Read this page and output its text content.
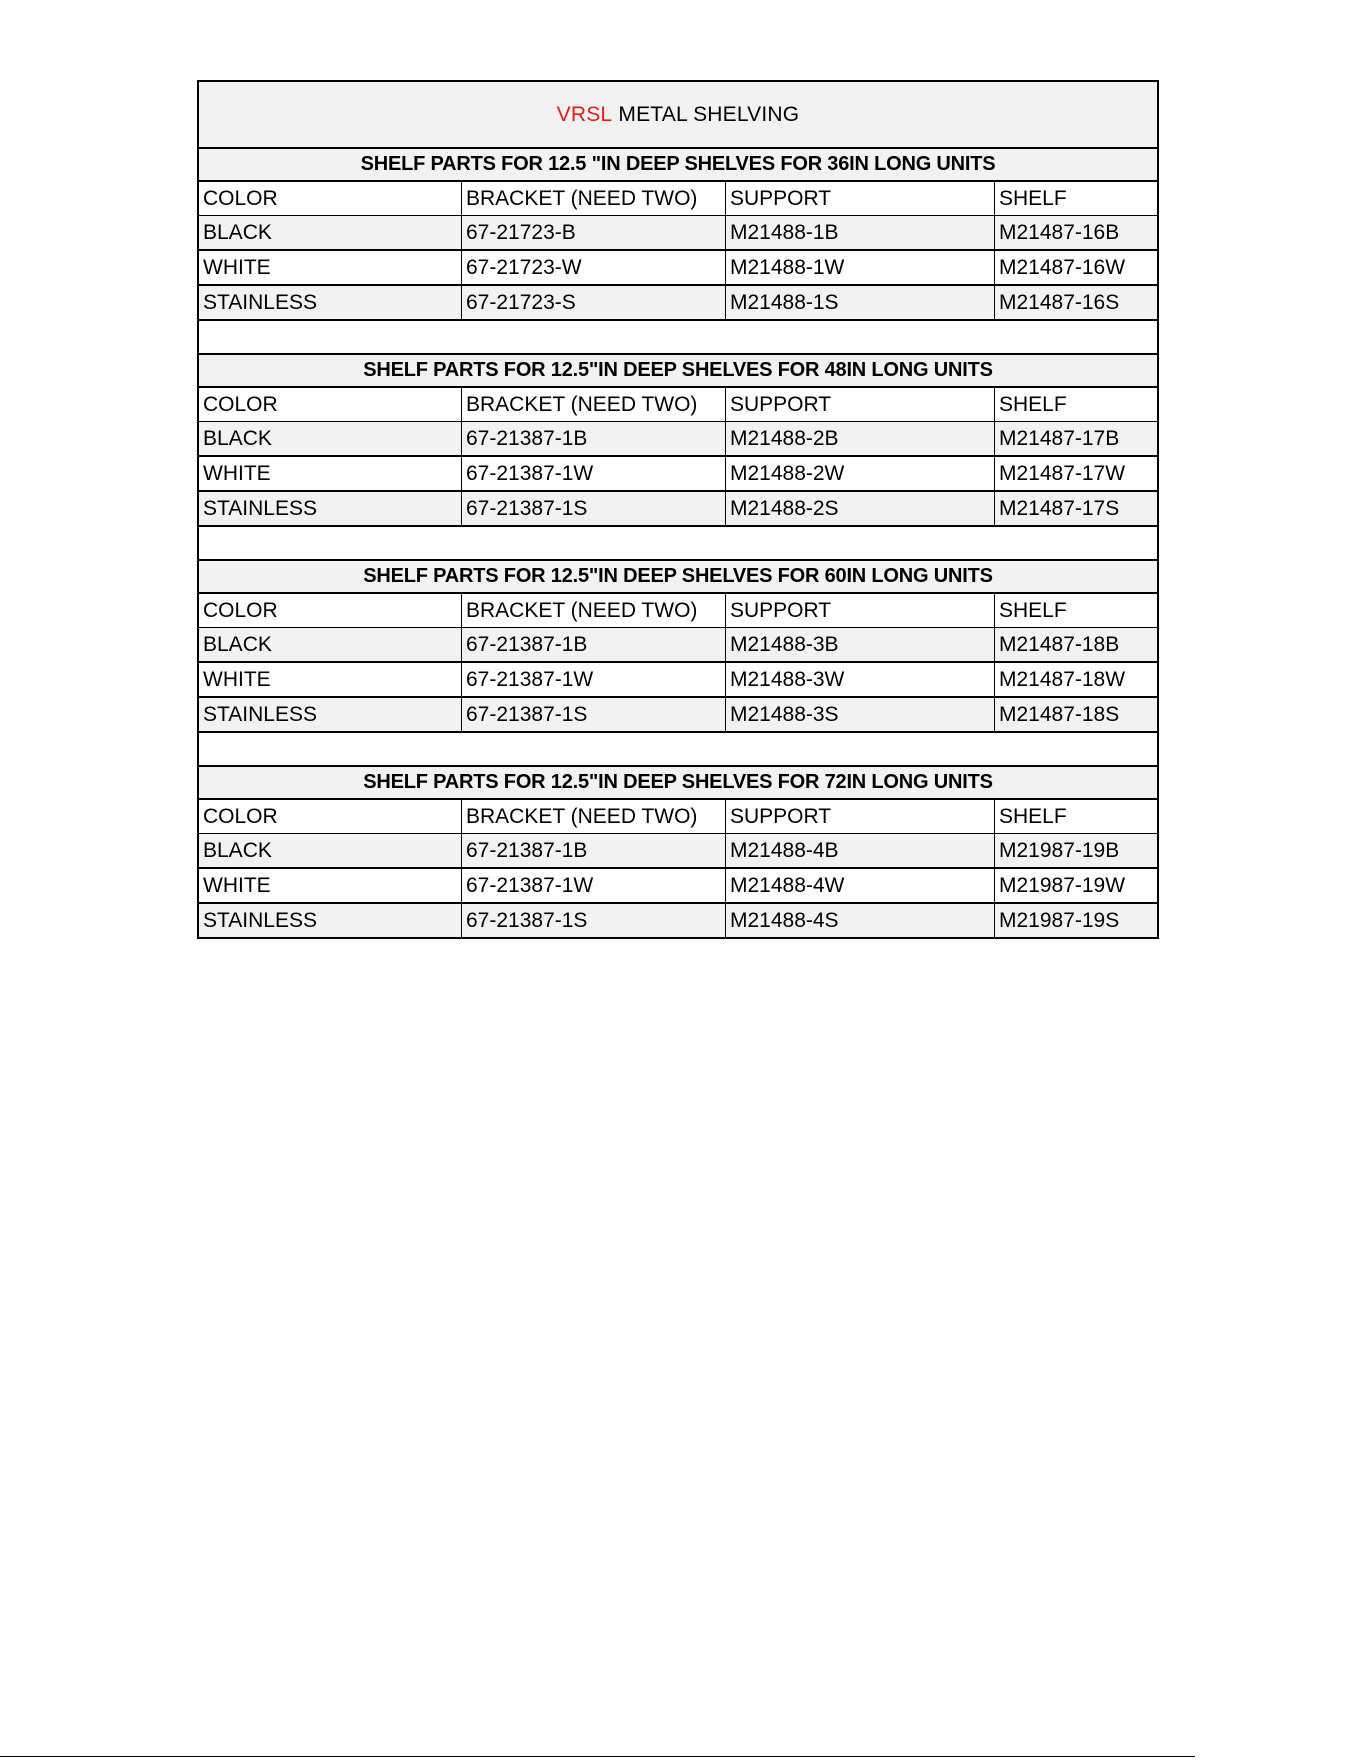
VRSL
METAL SHELVING
SHELF PARTS FOR 12.5 "IN DEEP SHELVES FOR 36IN LONG UNITS
COLOR	BRACKET (NEED TWO)	SUPPORT	SHELF
BLACK	67-21723-B	M21488-1B	M21487-16B
WHITE	67-21723-W	M21488-1W	M21487-16W
STAINLESS	67-21723-S	M21488-1S	M21487-16S
SHELF PARTS FOR 12.5"IN DEEP SHELVES FOR 48IN LONG UNITS
COLOR	BRACKET (NEED TWO)	SUPPORT	SHELF
BLACK	67-21387-1B	M21488-2B	M21487-17B
WHITE	67-21387-1W	M21488-2W	M21487-17W
STAINLESS	67-21387-1S	M21488-2S	M21487-17S
SHELF PARTS FOR 12.5"IN DEEP SHELVES FOR 60IN LONG UNITS
COLOR	BRACKET (NEED TWO)	SUPPORT	SHELF
BLACK	67-21387-1B	M21488-3B	M21487-18B
WHITE	67-21387-1W	M21488-3W	M21487-18W
STAINLESS	67-21387-1S	M21488-3S	M21487-18S
SHELF PARTS FOR 12.5"IN DEEP SHELVES FOR 72IN LONG UNITS
COLOR	BRACKET (NEED TWO)	SUPPORT	SHELF
BLACK	67-21387-1B	M21488-4B	M21987-19B
WHITE	67-21387-1W	M21488-4W	M21987-19W
STAINLESS	67-21387-1S	M21488-4S	M21987-19S
